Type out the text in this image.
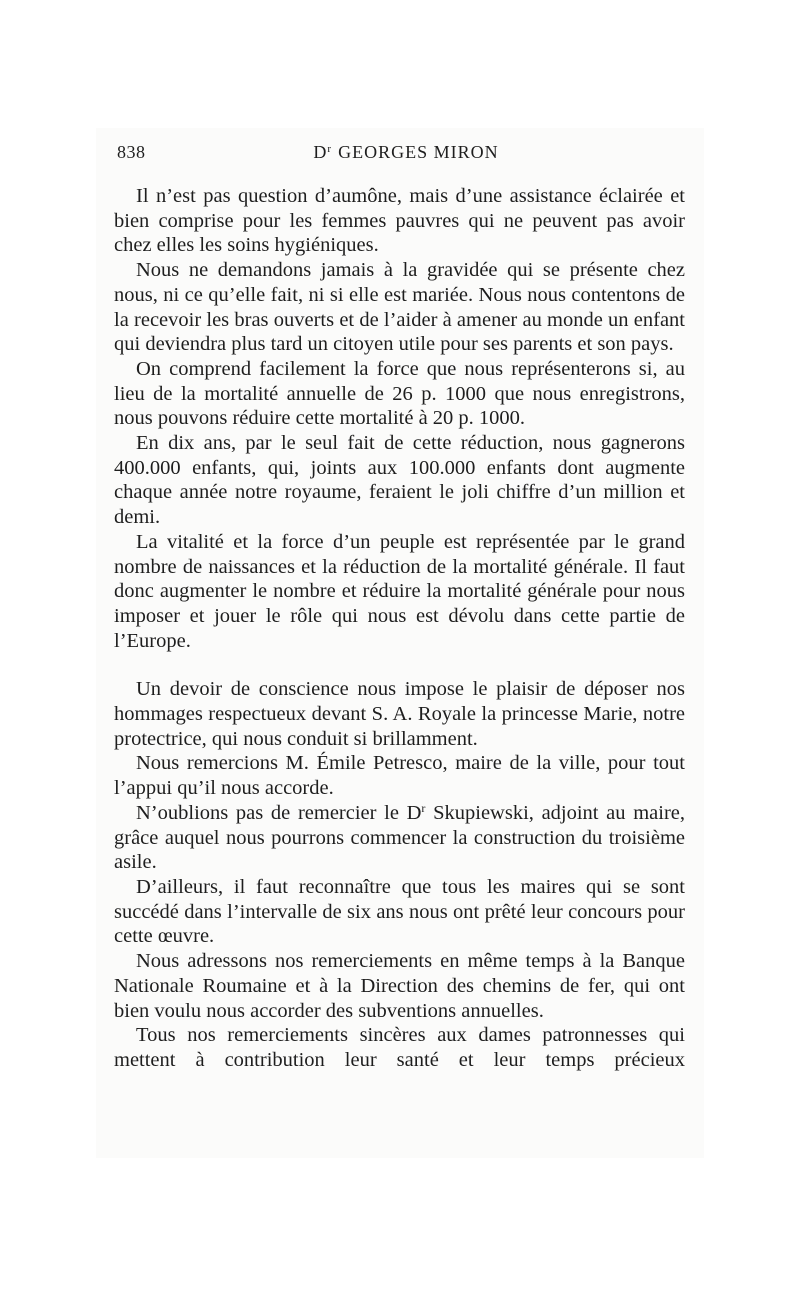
838	$D^r$ GEORGES MIRON

Il n’est pas question d’aumône, mais d’une assistance éclairée et bien comprise pour les femmes pauvres qui ne peuvent pas avoir chez elles les soins hygiéniques.

Nous ne demandons jamais à la gravidée qui se présente chez nous, ni ce qu’elle fait, ni si elle est mariée. Nous nous contentons de la recevoir les bras ouverts et de l’aider à amener au monde un enfant qui deviendra plus tard un citoyen utile pour ses parents et son pays.

On comprend facilement la force que nous représenterons si, au lieu de la mortalité annuelle de 26 p. 1000 que nous enregistrons, nous pouvons réduire cette mortalité à 20 p. 1000.

En dix ans, par le seul fait de cette réduction, nous gagnerons 400.000 enfants, qui, joints aux 100.000 enfants dont augmente chaque année notre royaume, feraient le joli chiffre d’un million et demi.

La vitalité et la force d’un peuple est représentée par le grand nombre de naissances et la réduction de la mortalité générale. Il faut donc augmenter le nombre et réduire la mortalité générale pour nous imposer et jouer le rôle qui nous est dévolu dans cette partie de l’Europe.

Un devoir de conscience nous impose le plaisir de déposer nos hommages respectueux devant S. A. Royale la princesse Marie, notre protectrice, qui nous conduit si brillamment.

Nous remercions M. Émile Petresco, maire de la ville, pour tout l’appui qu’il nous accorde.

N’oublions pas de remercier le $D^r$ Skupiewski, adjoint au maire, grâce auquel nous pourrons commencer la construction du troisième asile.

D’ailleurs, il faut reconnaître que tous les maires qui se sont succédé dans l’intervalle de six ans nous ont prêté leur concours pour cette œuvre.

Nous adressons nos remerciements en même temps à la Banque Nationale Roumaine et à la Direction des chemins de fer, qui ont bien voulu nous accorder des subventions annuelles.

Tous nos remerciements sincères aux dames patronnesses qui mettent à contribution leur santé et leur temps précieux
